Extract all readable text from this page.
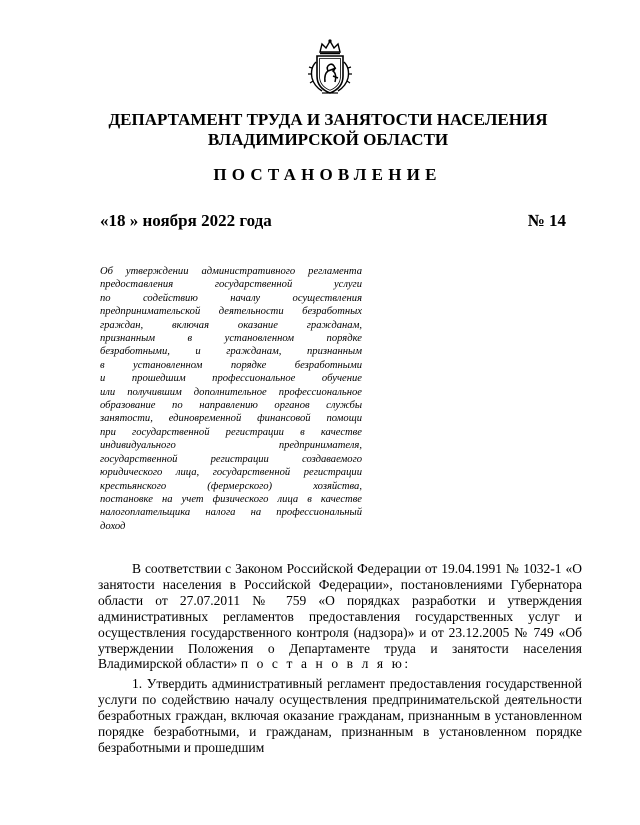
ДЕПАРТАМЕНТ ТРУДА И ЗАНЯТОСТИ НАСЕЛЕНИЯ
ВЛАДИМИРСКОЙ ОБЛАСТИ
ПОСТАНОВЛЕНИЕ
«18 » ноября 2022 года	№ 14
Об утверждении административного регламента
предоставления государственной услуги
по содействию началу осуществления
предпринимательской деятельности безработных
граждан, включая оказание гражданам,
признанным в установленном порядке
безработными, и гражданам, признанным
в установленном порядке безработными
и прошедшим профессиональное обучение
или получившим дополнительное профессиональное
образование по направлению органов службы
занятости, единовременной финансовой помощи
при государственной регистрации в качестве
индивидуального предпринимателя,
государственной регистрации создаваемого
юридического лица, государственной регистрации
крестьянского (фермерского) хозяйства,
постановке на учет физического лица в качестве
налогоплательщика налога на профессиональный
доход
В соответствии с Законом Российской Федерации от 19.04.1991 № 1032-1 «О занятости населения в Российской Федерации», постановлениями Губернатора области от 27.07.2011 № 759 «О порядках разработки и утверждения административных регламентов предоставления государственных услуг и осуществления государственного контроля (надзора)» и от 23.12.2005 № 749 «Об утверждении Положения о Департаменте труда и занятости населения Владимирской области» п о с т а н о в л я ю:
1. Утвердить административный регламент предоставления государственной услуги по содействию началу осуществления предпринимательской деятельности безработных граждан, включая оказание гражданам, признанным в установленном порядке безработными, и гражданам, признанным в установленном порядке безработными и прошедшим
